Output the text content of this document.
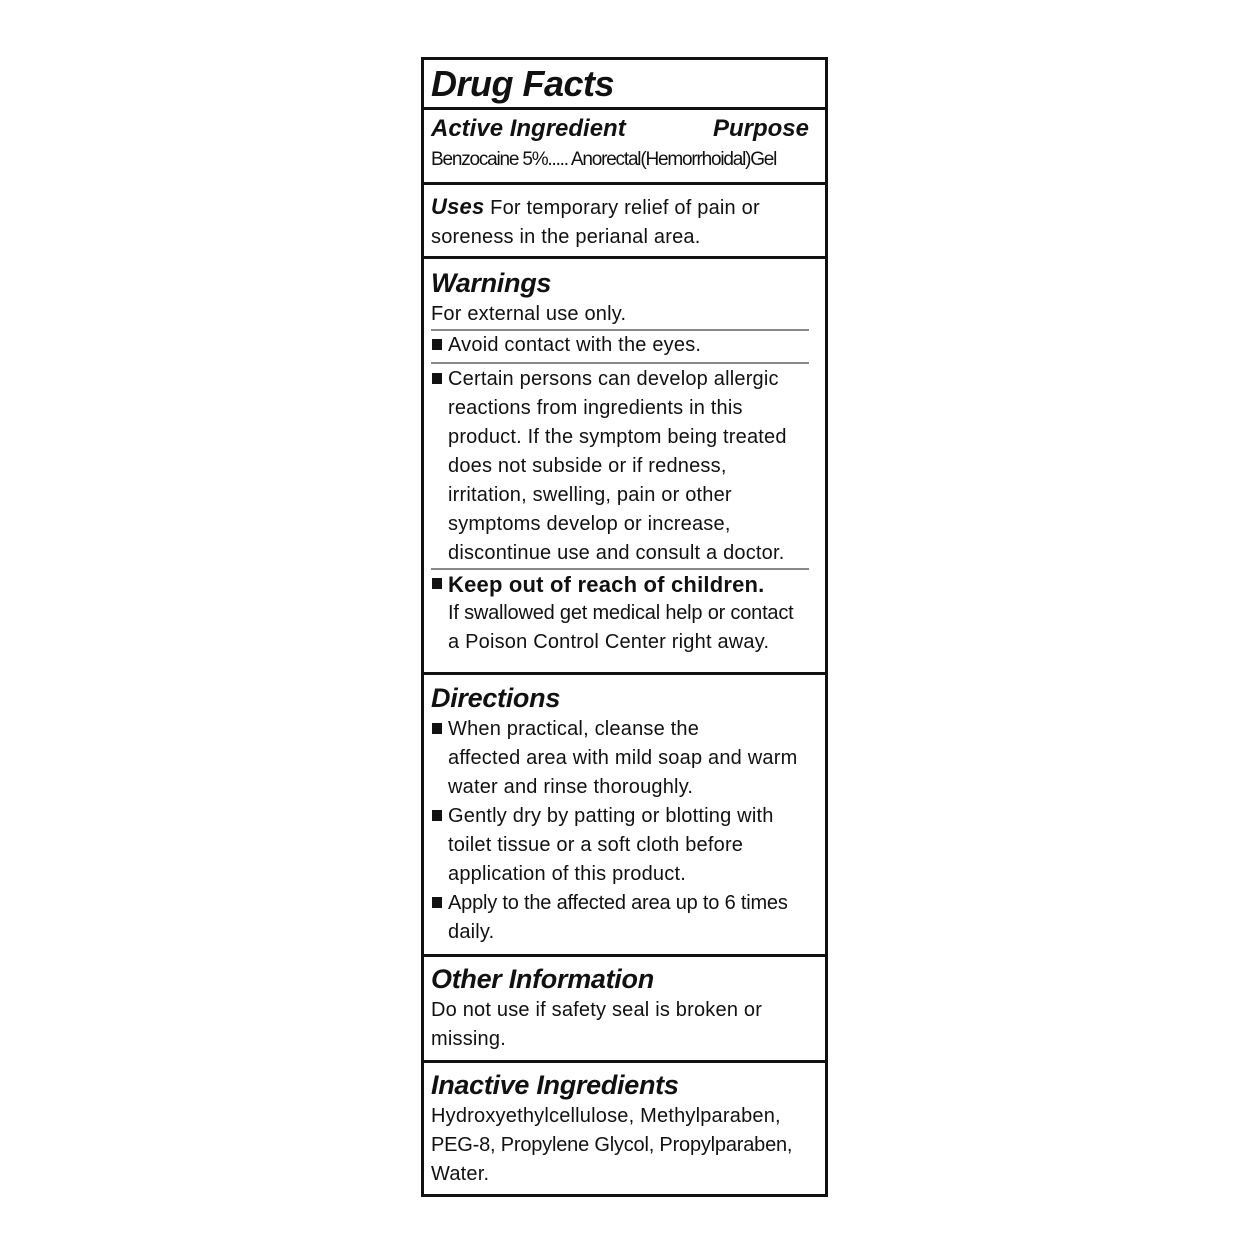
Drug Facts
Active Ingredient	Purpose
Benzocaine 5%..... Anorectal(Hemorrhoidal)Gel
Uses For temporary relief of pain or
soreness in the perianal area.
Warnings
For external use only.
Avoid contact with the eyes.
Certain persons can develop allergic
reactions from ingredients in this
product. If the symptom being treated
does not subside or if redness,
irritation, swelling, pain or other
symptoms develop or increase,
discontinue use and consult a doctor.
Keep out of reach of children.
If swallowed get medical help or contact
a Poison Control Center right away.
Directions
When practical, cleanse the
affected area with mild soap and warm
water and rinse thoroughly.
Gently dry by patting or blotting with
toilet tissue or a soft cloth before
application of this product.
Apply to the affected area up to 6 times
daily.
Other Information
Do not use if safety seal is broken or
missing.
Inactive Ingredients
Hydroxyethylcellulose, Methylparaben,
PEG-8, Propylene Glycol, Propylparaben,
Water.
